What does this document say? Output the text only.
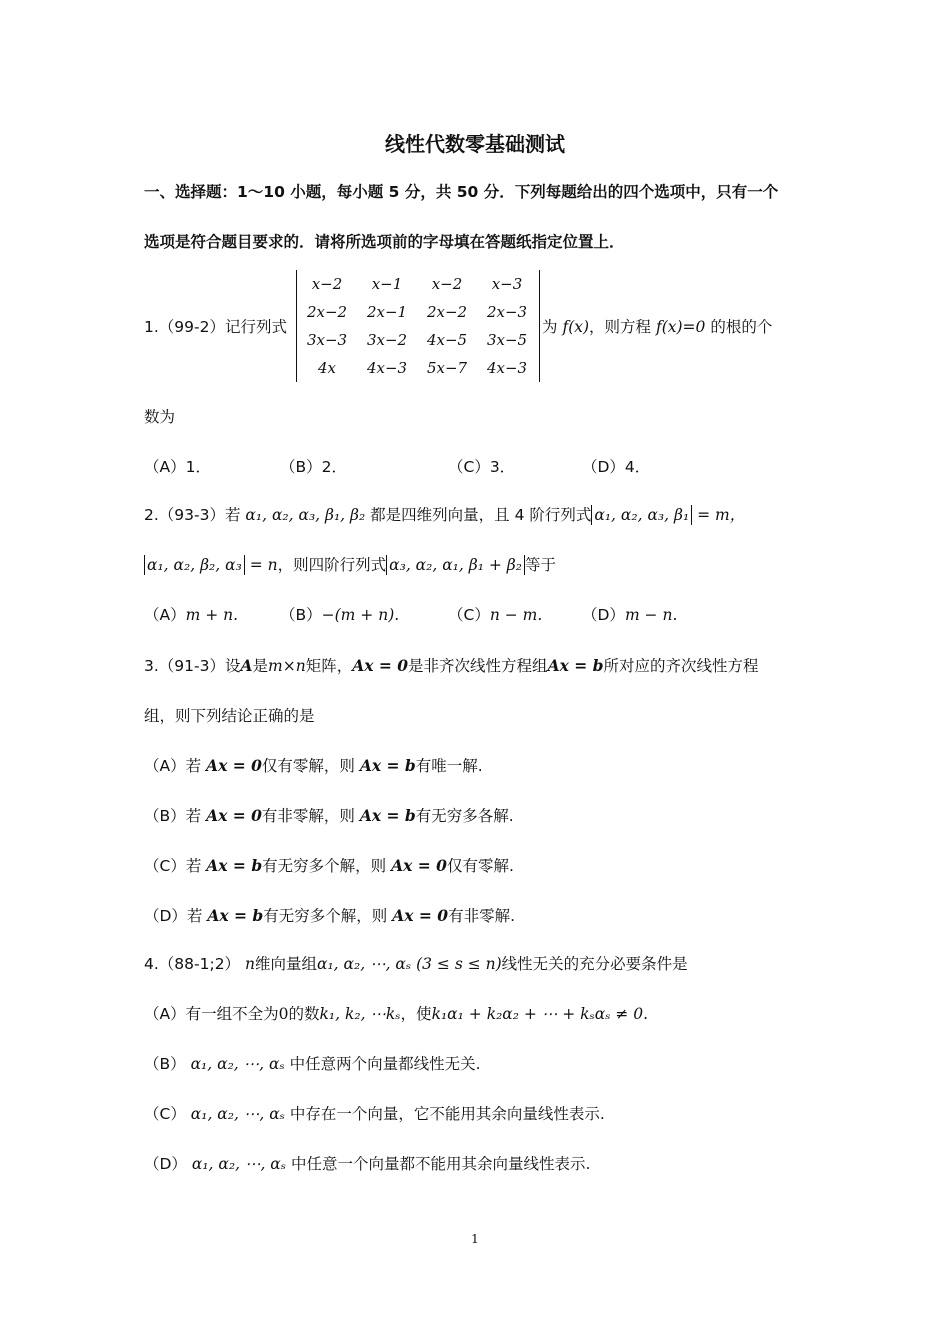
线性代数零基础测试
一、选择题：1～10 小题，每小题 5 分，共 50 分．下列每题给出的四个选项中，只有一个
选项是符合题目要求的．请将所选项前的字母填在答题纸指定位置上．
1.（99-2）记行列式
x−2	x−1	x−2	x−3
2x−2	2x−1	2x−2	2x−3
3x−3	3x−2	4x−5	3x−5
4x	4x−3	5x−7	4x−3
为 f(x)，则方程 f(x)=0 的根的个
数为
（A）1．	（B）2．	（C）3．	（D）4．
2.（93-3）若 α₁, α₂, α₃, β₁, β₂ 都是四维列向量，且 4 阶行列式 α₁, α₂, α₃, β₁ = m，
α₁, α₂, β₂, α₃ = n，则四阶行列式 α₃, α₂, α₁, β₁ + β₂ 等于
（A）m + n.	（B）−(m + n).	（C）n − m.	（D）m − n.
3.（91-3）设A是m×n矩阵，Ax = 0是非齐次线性方程组Ax = b所对应的齐次线性方程
组，则下列结论正确的是
（A）若 Ax = 0仅有零解，则 Ax = b有唯一解.
（B）若 Ax = 0有非零解，则 Ax = b有无穷多各解.
（C）若 Ax = b有无穷多个解，则 Ax = 0仅有零解.
（D）若 Ax = b有无穷多个解，则 Ax = 0有非零解.
4.（88-1;2） n维向量组α₁, α₂, ⋯, αₛ (3 ≤ s ≤ n)线性无关的充分必要条件是
（A）有一组不全为0的数k₁, k₂, ⋯kₛ，使k₁α₁ + k₂α₂ + ⋯ + kₛαₛ ≠ 0.
（B） α₁, α₂, ⋯, αₛ 中任意两个向量都线性无关.
（C） α₁, α₂, ⋯, αₛ 中存在一个向量，它不能用其余向量线性表示.
（D） α₁, α₂, ⋯, αₛ 中任意一个向量都不能用其余向量线性表示.
1
